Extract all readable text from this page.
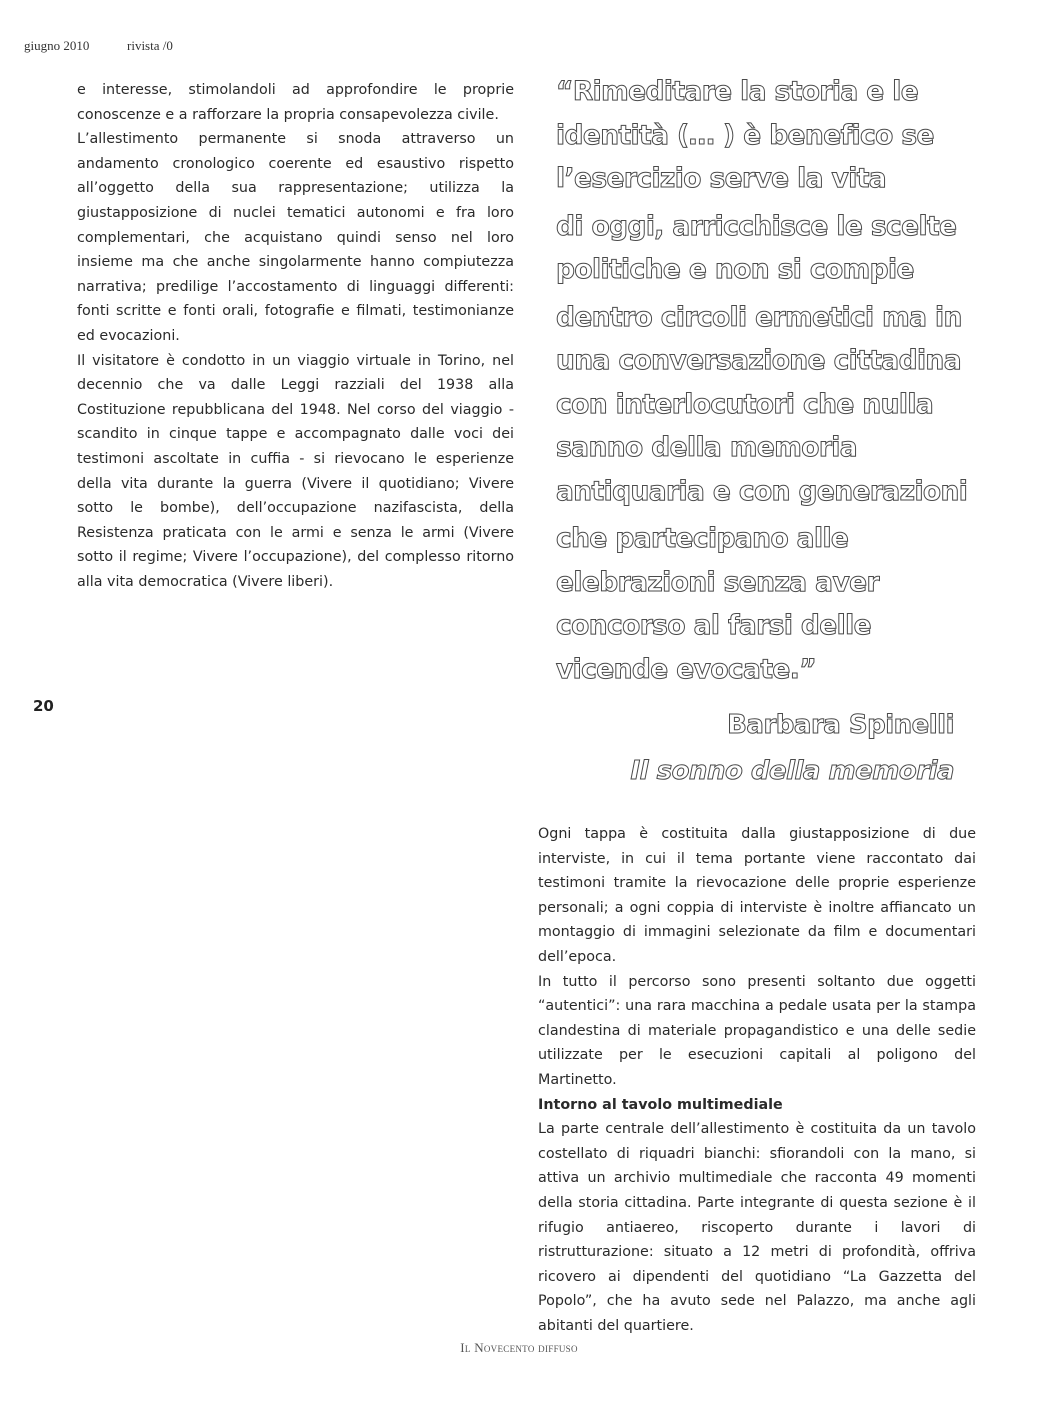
giugno 2010	rivista /0

e interesse, stimolandoli ad approfondire le proprie conoscenze e a rafforzare la propria consapevolezza civile.

L’allestimento permanente si snoda attraverso un andamento cronologico coerente ed esaustivo rispetto all’oggetto della sua rappresentazione; utilizza la giustapposizione di nuclei tematici autonomi e fra loro complementari, che acquistano quindi senso nel loro insieme ma che anche singolarmente hanno compiutezza narrativa; predilige l’accostamento di linguaggi differenti: fonti scritte e fonti orali, fotografie e filmati, testimonianze ed evocazioni.

Il visitatore è condotto in un viaggio virtuale in Torino, nel decennio che va dalle Leggi razziali del 1938 alla Costituzione repubblicana del 1948. Nel corso del viaggio - scandito in cinque tappe e accompagnato dalle voci dei testimoni ascoltate in cuffia - si rievocano le esperienze della vita durante la guerra (Vivere il quotidiano; Vivere sotto le bombe), dell’occupazione nazifascista, della Resistenza praticata con le armi e senza le armi (Vivere sotto il regime; Vivere l’occupazione), del complesso ritorno alla vita democratica (Vivere liberi).

“Rimeditare la storia e le

identità (… ) è benefico se

l’esercizio serve la vita

di oggi, arricchisce le scelte

politiche e non si compie

dentro circoli ermetici ma in

una conversazione cittadina

con interlocutori che nulla

sanno della memoria

antiquaria e con generazioni

che partecipano alle

elebrazioni senza aver

concorso al farsi delle

vicende evocate.”

20
Barbara Spinelli
Il sonno della memoria

Ogni tappa è costituita dalla giustapposizione di due interviste, in cui il tema portante viene raccontato dai testimoni tramite la rievocazione delle proprie esperienze personali; a ogni coppia di interviste è inoltre affiancato un montaggio di immagini selezionate da film e documentari dell’epoca.

In tutto il percorso sono presenti soltanto due oggetti “autentici”: una rara macchina a pedale usata per la stampa clandestina di materiale propagandistico e una delle sedie utilizzate per le esecuzioni capitali al poligono del Martinetto.

Intorno al tavolo multimediale

La parte centrale dell’allestimento è costituita da un tavolo costellato di riquadri bianchi: sfiorandoli con la mano, si attiva un archivio multimediale che racconta 49 momenti della storia cittadina. Parte integrante di questa sezione è il rifugio antiaereo, riscoperto durante i lavori di ristrutturazione: situato a 12 metri di profondità, offriva ricovero ai dipendenti del quotidiano “La Gazzetta del Popolo”, che ha avuto sede nel Palazzo, ma anche agli abitanti del quartiere.

Il Novecento diffuso
